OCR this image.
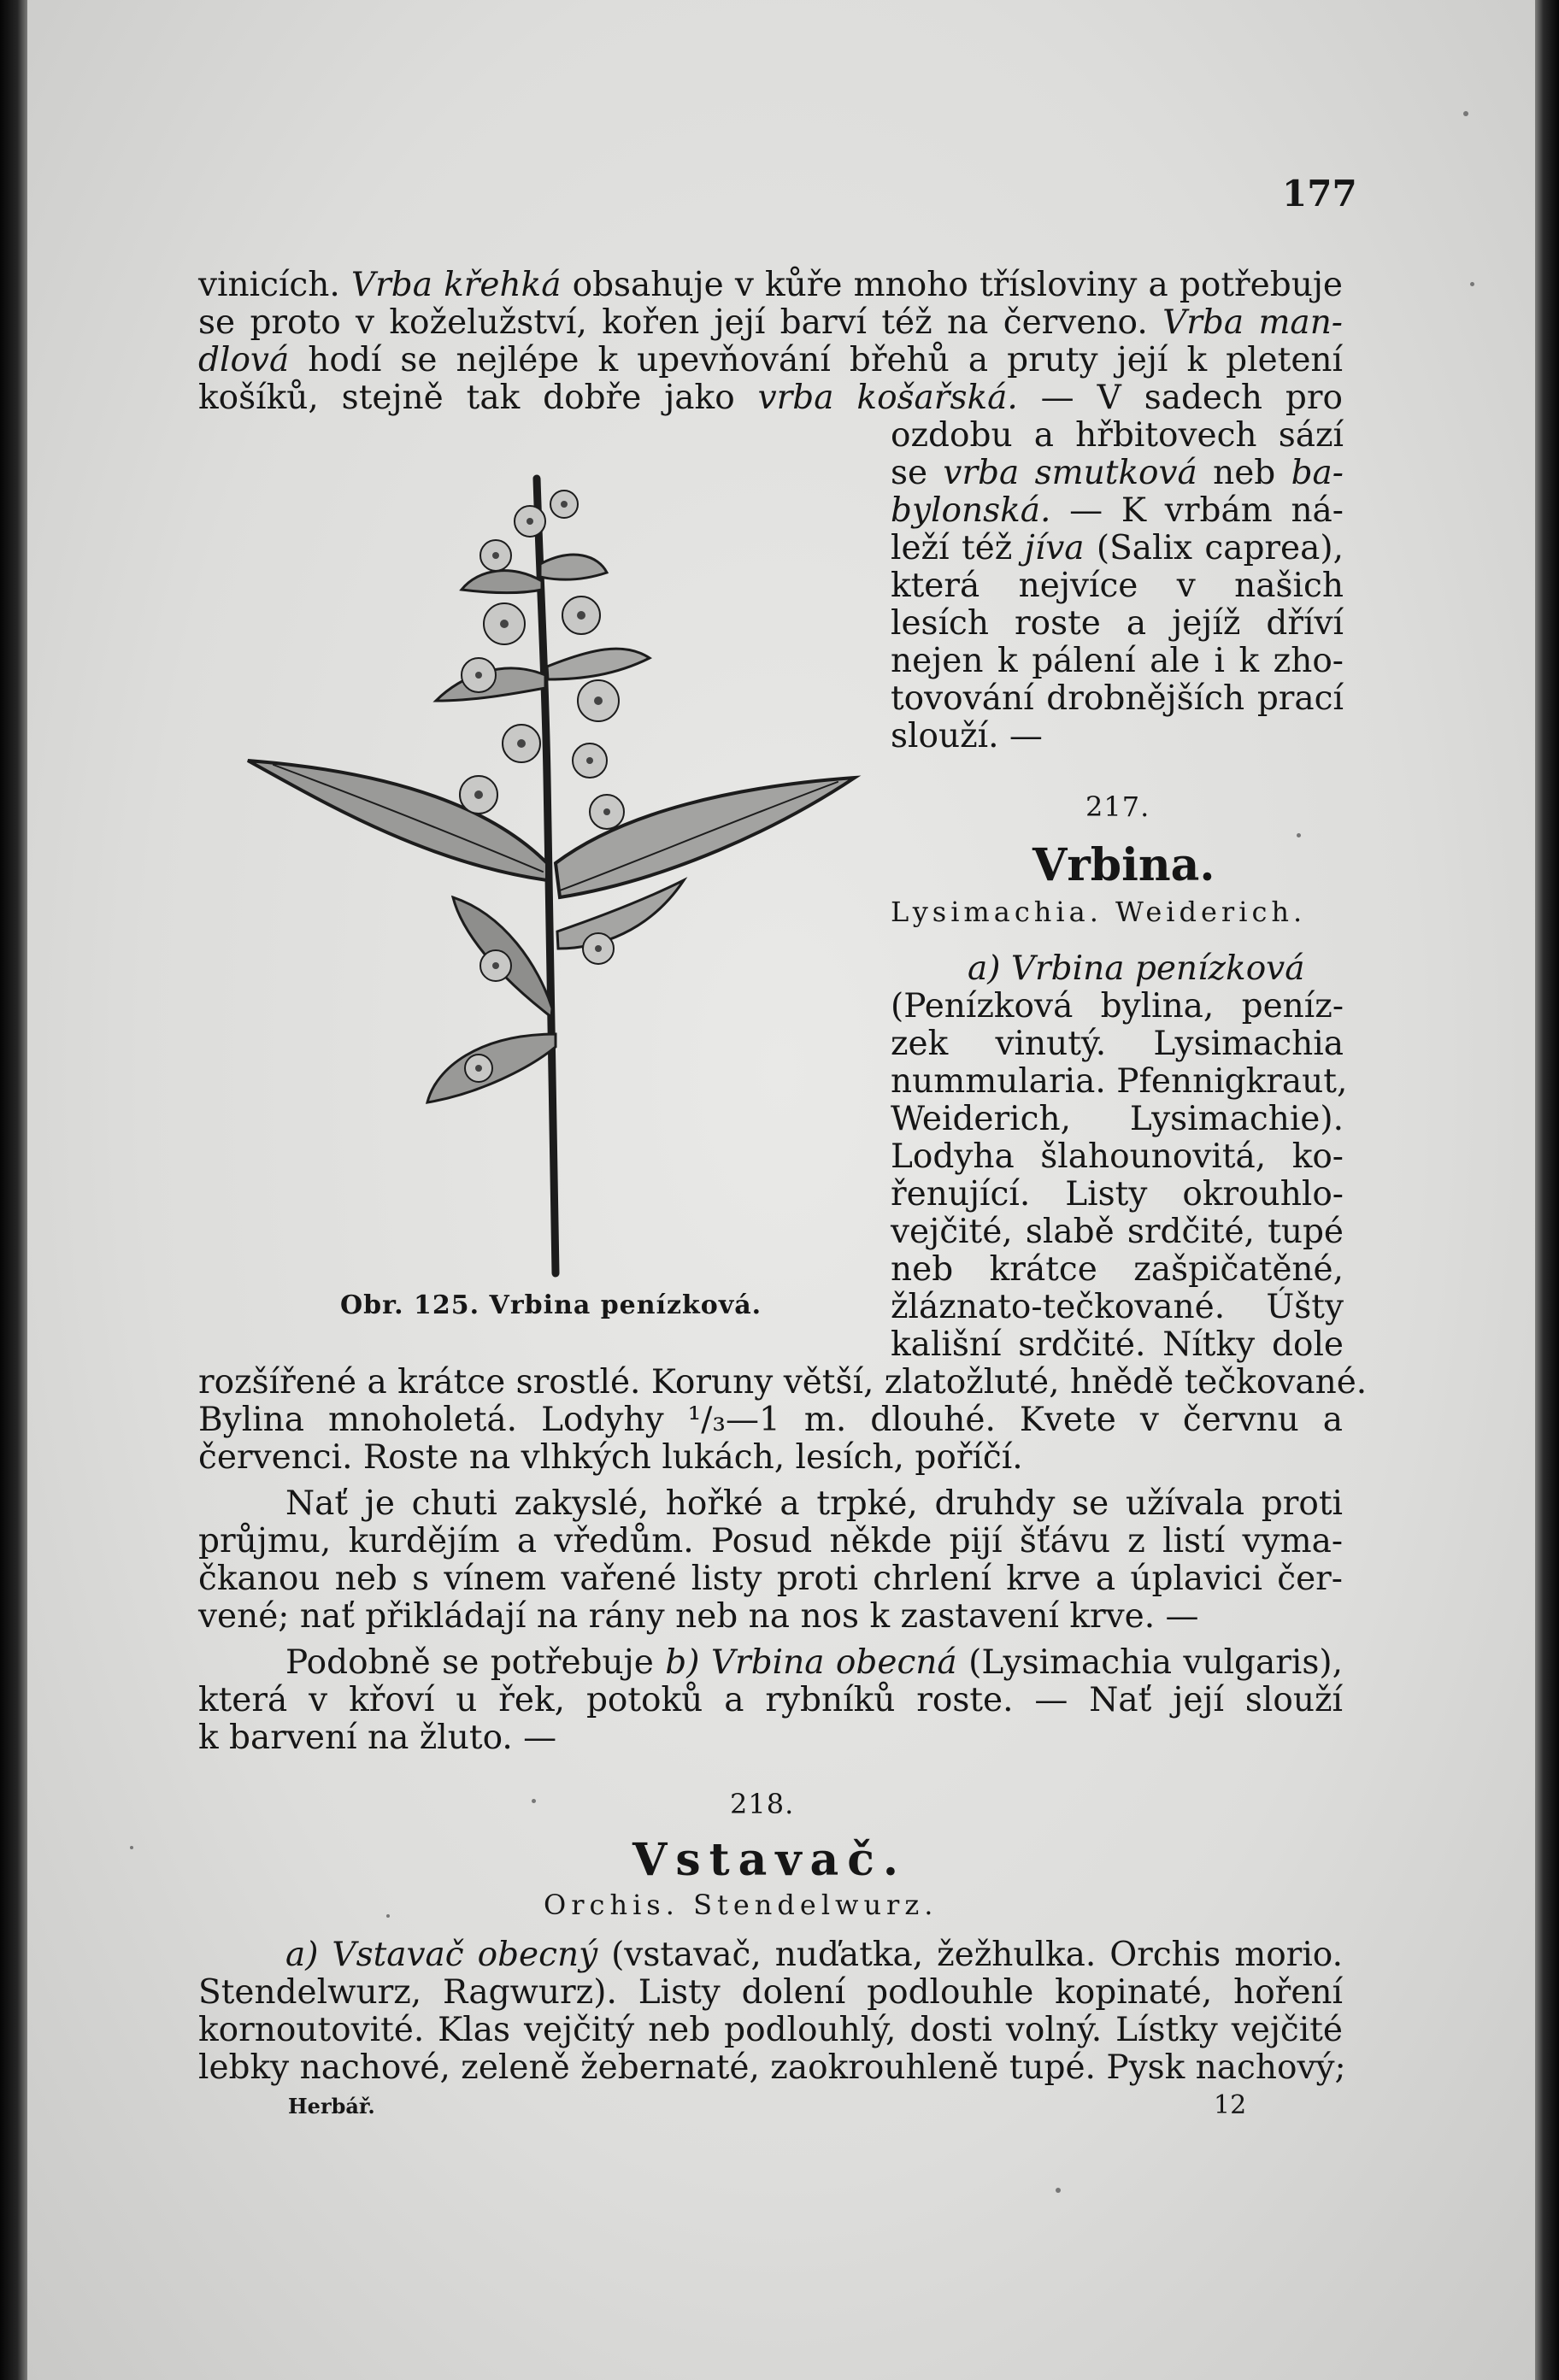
177
vinicích. Vrba křehká obsahuje v kůře mnoho třísloviny a potřebuje
se proto v koželužství, kořen její barví též na červeno. Vrba man-
dlová hodí se nejlépe k upevňování břehů a pruty její k pletení
košíků, stejně tak dobře jako vrba košařská. — V sadech pro
ozdobu a hřbitovech sází
se vrba smutková neb ba-
bylonská. — K vrbám ná-
leží též jíva (Salix caprea),
která nejvíce v našich
lesích roste a jejíž dříví
nejen k pálení ale i k zho-
tovování drobnějších prací
slouží. —
217.
Vrbina.
Lysimachia. Weiderich.
a) Vrbina penízková
(Penízková bylina, peníz-
zek vinutý. Lysimachia
nummularia. Pfennigkraut,
Weiderich, Lysimachie).
Lodyha šlahounovitá, ko-
řenující. Listy okrouhlo-
vejčité, slabě srdčité, tupé
neb krátce zašpičatěné,
žláznato-tečkované. Úšty
kališní srdčité. Nítky dole
Obr. 125. Vrbina penízková.
rozšířené a krátce srostlé. Koruny větší, zlatožluté, hnědě tečkované.
Bylina mnoholetá. Lodyhy ¹/₃—1 m. dlouhé. Kvete v červnu a
červenci. Roste na vlhkých lukách, lesích, poříčí.
Nať je chuti zakyslé, hořké a trpké, druhdy se užívala proti
průjmu, kurdějím a vředům. Posud někde pijí šťávu z listí vyma-
čkanou neb s vínem vařené listy proti chrlení krve a úplavici čer-
vené; nať přikládají na rány neb na nos k zastavení krve. —
Podobně se potřebuje b) Vrbina obecná (Lysimachia vulgaris),
která v křoví u řek, potoků a rybníků roste. — Nať její slouží
k barvení na žluto. —
218.
Vstavač.
Orchis. Stendelwurz.
a) Vstavač obecný (vstavač, nuďatka, žežhulka. Orchis morio.
Stendelwurz, Ragwurz). Listy dolení podlouhle kopinaté, hoření
kornoutovité. Klas vejčitý neb podlouhlý, dosti volný. Lístky vejčité
lebky nachové, zeleně žebernaté, zaokrouhleně tupé. Pysk nachový;
Herbář.	12
